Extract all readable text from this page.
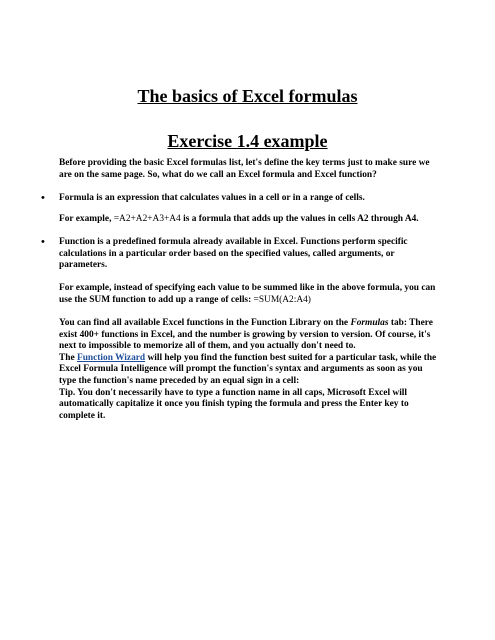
The basics of Excel formulas
Exercise 1.4 example

Before providing the basic Excel formulas list, let's define the key terms just to make sure we are on the same page. So, what do we call an Excel formula and Excel function?

• Formula is an expression that calculates values in a cell or in a range of cells.

For example, =A2+A2+A3+A4 is a formula that adds up the values in cells A2 through A4.

• Function is a predefined formula already available in Excel. Functions perform specific calculations in a particular order based on the specified values, called arguments, or parameters.

For example, instead of specifying each value to be summed like in the above formula, you can use the SUM function to add up a range of cells: =SUM(A2:A4)

You can find all available Excel functions in the Function Library on the Formulas tab: There exist 400+ functions in Excel, and the number is growing by version to version. Of course, it's next to impossible to memorize all of them, and you actually don't need to.
The Function Wizard will help you find the function best suited for a particular task, while the Excel Formula Intelligence will prompt the function's syntax and arguments as soon as you type the function's name preceded by an equal sign in a cell:
Tip. You don't necessarily have to type a function name in all caps, Microsoft Excel will automatically capitalize it once you finish typing the formula and press the Enter key to complete it.
